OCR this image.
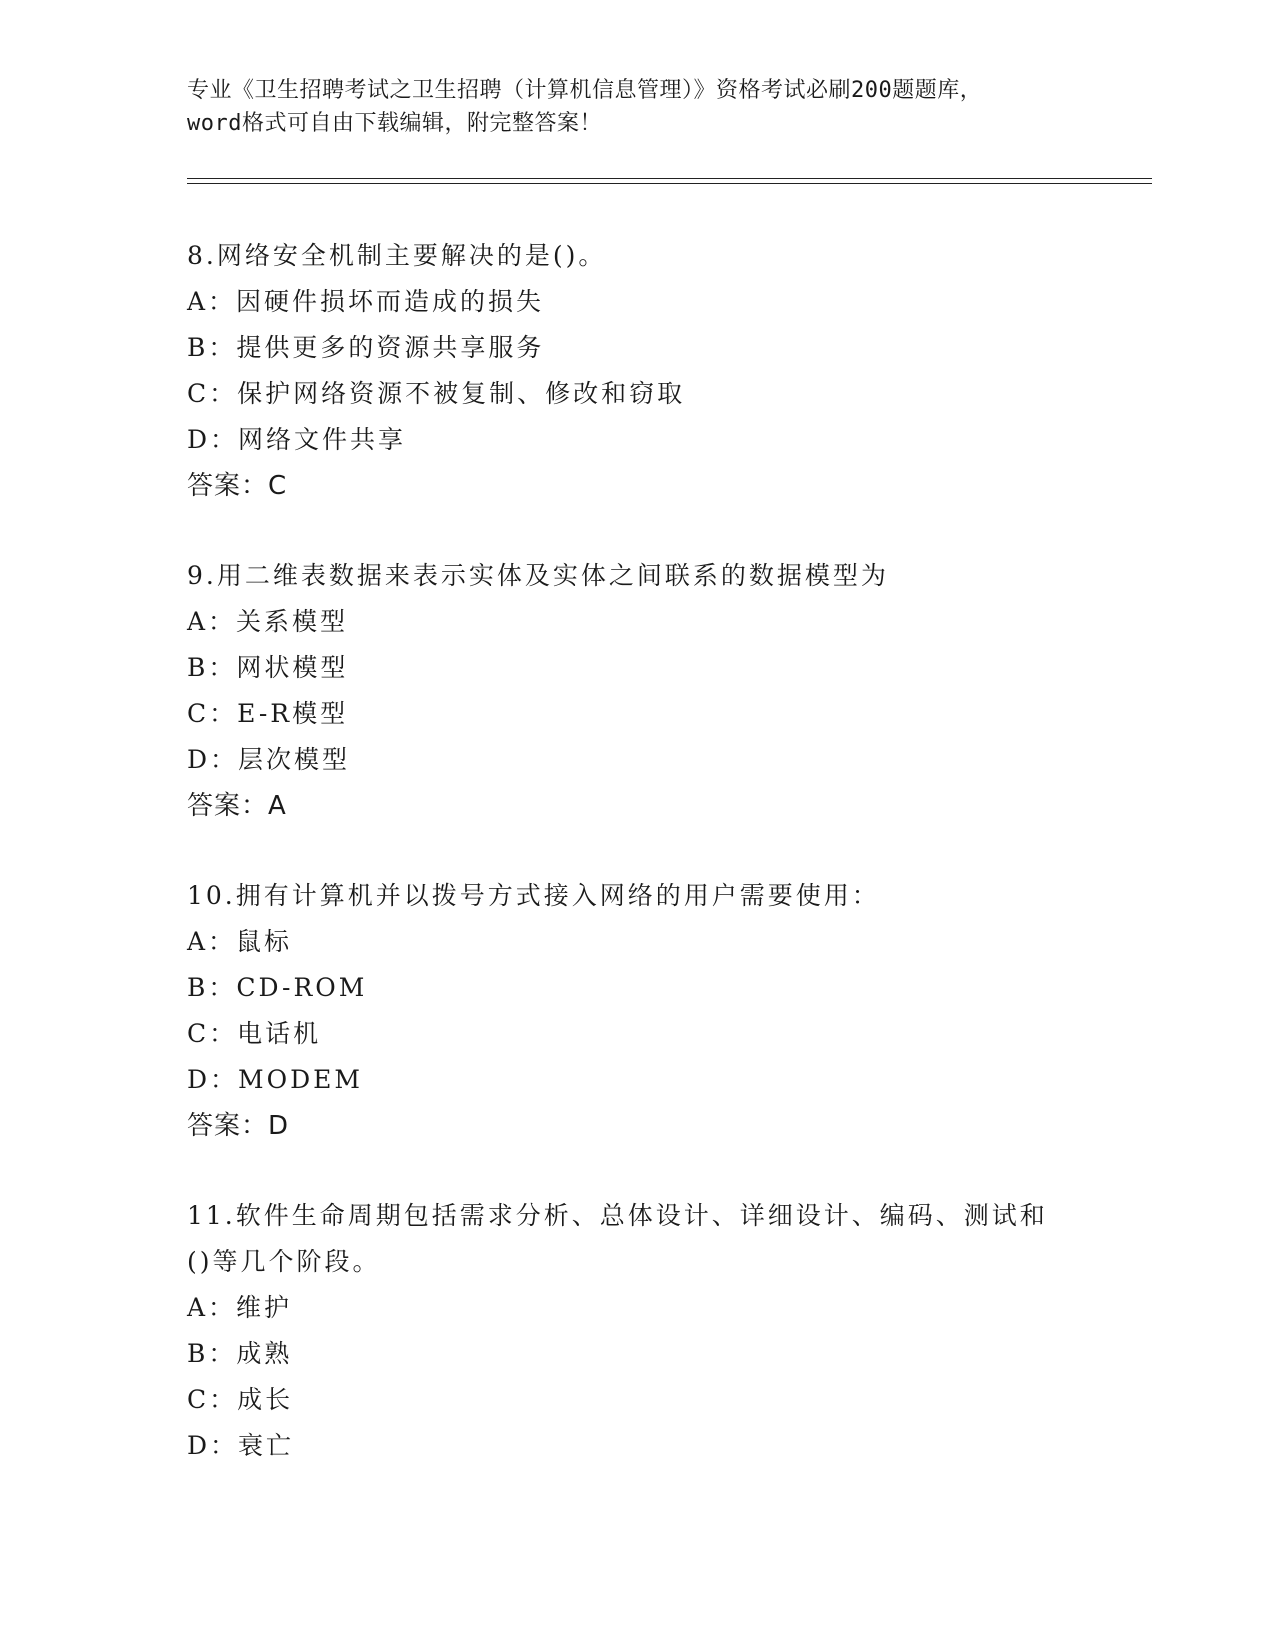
专业《卫生招聘考试之卫生招聘（计算机信息管理）》资格考试必刷200题题库，
word格式可自由下载编辑，附完整答案！
8.网络安全机制主要解决的是()。
A：因硬件损坏而造成的损失
B：提供更多的资源共享服务
C：保护网络资源不被复制、修改和窃取
D：网络文件共享
答案：C
9.用二维表数据来表示实体及实体之间联系的数据模型为
A：关系模型
B：网状模型
C：E-R模型
D：层次模型
答案：A
10.拥有计算机并以拨号方式接入网络的用户需要使用：
A：鼠标
B：CD-ROM
C：电话机
D：MODEM
答案：D
11.软件生命周期包括需求分析、总体设计、详细设计、编码、测试和
()等几个阶段。
A：维护
B：成熟
C：成长
D：衰亡
